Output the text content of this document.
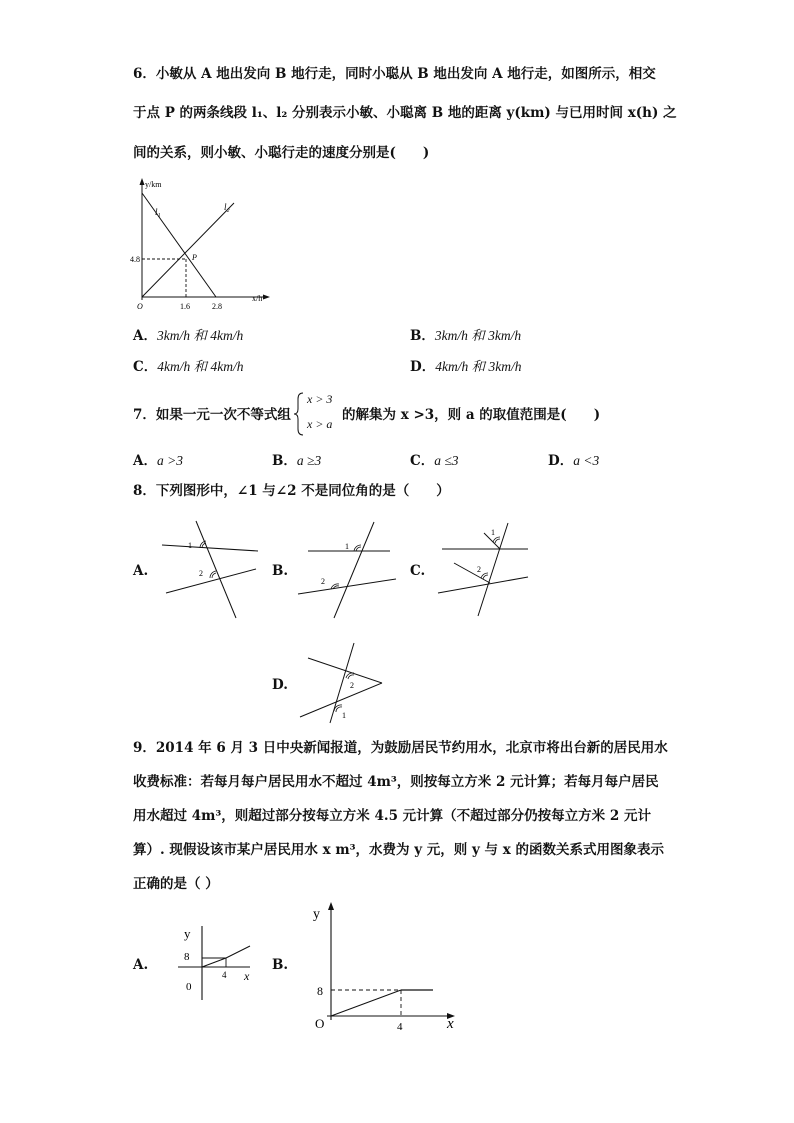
6．小敏从 A 地出发向 B 地行走，同时小聪从 B 地出发向 A 地行走，如图所示，相交
于点 P 的两条线段 l₁、l₂ 分别表示小敏、小聪离 B 地的距离 y(km) 与已用时间 x(h) 之
间的关系，则小敏、小聪行走的速度分别是(　　)
y/km
x/h
O
l₁	l₂
P
4.8
1.6	2.8
A．3km/h 和 4km/h	B．3km/h 和 3km/h
C．4km/h 和 4km/h	D．4km/h 和 3km/h
7．如果一元一次不等式组
x > 3
x > a
的解集为 x >3，则 a 的取值范围是(　　)
A．a >3	B．a ≥3	C．a ≤3	D．a <3
8．下列图形中，∠1 与∠2 不是同位角的是（　　）
A.
1
2	B.
1
2
C.
1
2
D.	2
1
9．2014 年 6 月 3 日中央新闻报道，为鼓励居民节约用水，北京市将出台新的居民用水
收费标准：若每月每户居民用水不超过 4m³，则按每立方米 2 元计算；若每月每户居民
用水超过 4m³，则超过部分按每立方米 4.5 元计算（不超过部分仍按每立方米 2 元计
算）. 现假设该市某户居民用水 x m³，水费为 y 元，则 y 与 x 的函数关系式用图象表示
正确的是（ ）
A.
y
8
4 x
0
B.
y
8
O	4	x
